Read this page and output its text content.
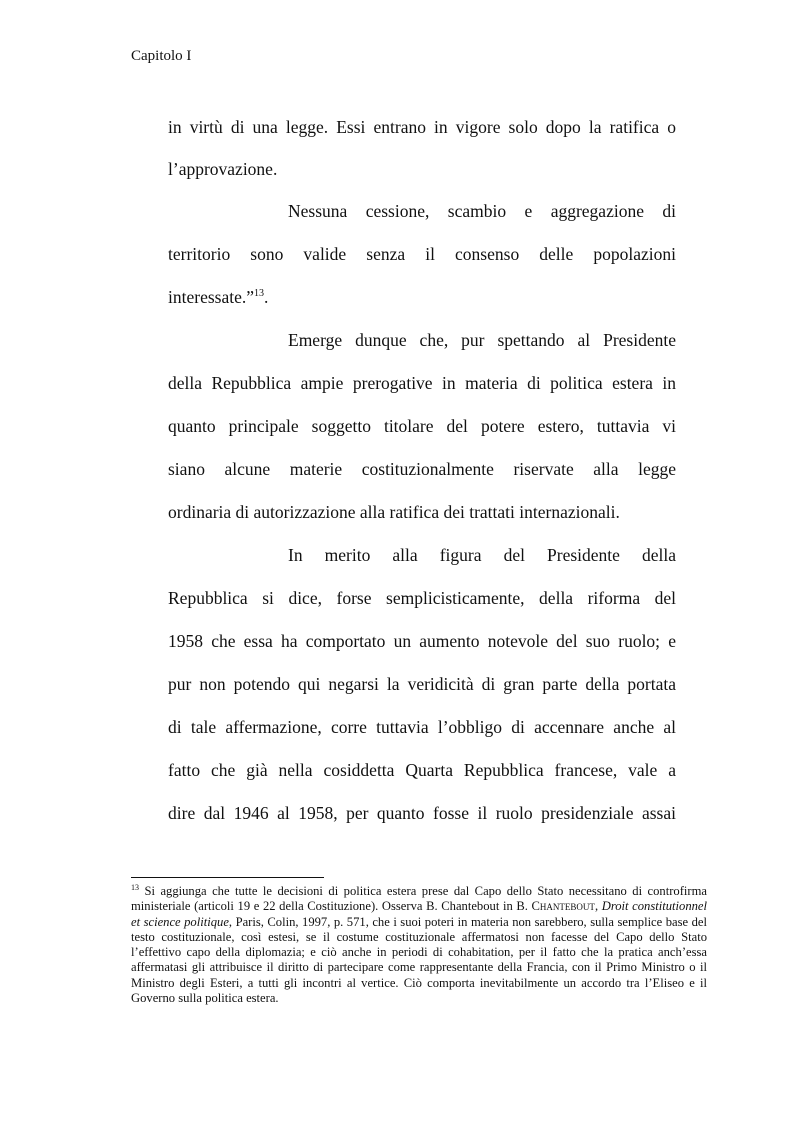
Capitolo I
in virtù di una legge. Essi entrano in vigore solo dopo la ratifica o
l’approvazione.
Nessuna cessione, scambio e aggregazione di
territorio sono valide senza il consenso delle popolazioni
interessate.”$^{13}$.
Emerge dunque che, pur spettando al Presidente
della Repubblica ampie prerogative in materia di politica estera in
quanto principale soggetto titolare del potere estero, tuttavia vi
siano alcune materie costituzionalmente riservate alla legge
ordinaria di autorizzazione alla ratifica dei trattati internazionali.
In merito alla figura del Presidente della
Repubblica si dice, forse semplicisticamente, della riforma del
1958 che essa ha comportato un aumento notevole del suo ruolo; e
pur non potendo qui negarsi la veridicità di gran parte della portata
di tale affermazione, corre tuttavia l’obbligo di accennare anche al
fatto che già nella cosiddetta Quarta Repubblica francese, vale a
dire dal 1946 al 1958, per quanto fosse il ruolo presidenziale assai
$^{13}$ Si aggiunga che tutte le decisioni di politica estera prese dal Capo dello Stato necessitano di controfirma ministeriale (articoli 19 e 22 della Costituzione). Osserva B. Chantebout in B. Chantebout, Droit constitutionnel et science politique, Paris, Colin, 1997, p. 571, che i suoi poteri in materia non sarebbero, sulla semplice base del testo costituzionale, così estesi, se il costume costituzionale affermatosi non facesse del Capo dello Stato l’effettivo capo della diplomazia; e ciò anche in periodi di cohabitation, per il fatto che la pratica anch’essa affermatasi gli attribuisce il diritto di partecipare come rappresentante della Francia, con il Primo Ministro o il Ministro degli Esteri, a tutti gli incontri al vertice. Ciò comporta inevitabilmente un accordo tra l’Eliseo e il Governo sulla politica estera.
